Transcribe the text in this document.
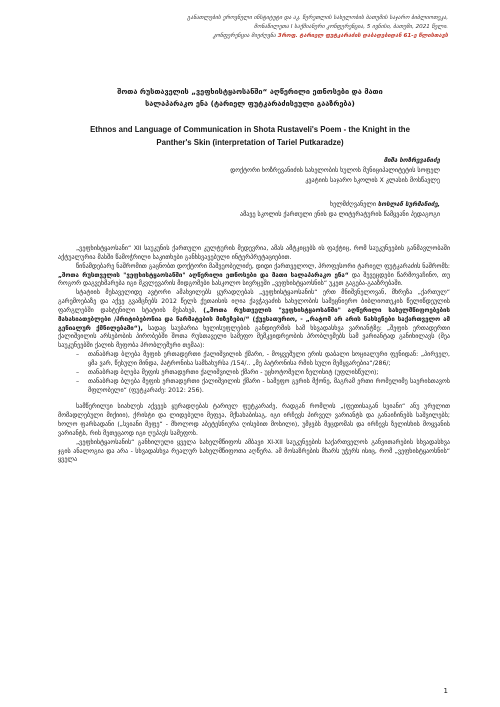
განათლების ეროვნული ინსტიტუტი და აკ. წერეთლის სახელობის ბათუმის საჯარო ბიბლიოთეკა,
მონაწილეთა I საქმიანური კონფერენცია, 5 ივნისი, ბათუმი, 2021 წელი.
კონფერენცია მიეძღვნა 3როფ. ტარიელ ფუტკარაძის დაბადებიდან 61-ე წლისთავს
შოთა რუსთაველის „ვეფხისტყაოსანში“ აღწერილი ეთნოსები და მათი
სალაპარაკო ენა (ტარიელ ფუტკარაძისეული გააზრება)
Ethnos and Language of Communication in Shota Rustaveli's Poem - the Knight in the
Panther's Skin (interpretation of Tariel Putkaradze)
მიშა ხოზრევანიძე
დოქტორი ხოზრევანიძის სახელობის ხულოს მუნიციპალიტეტის სოფელ
კვატიის საჯარო სკოლის X კლასის მოსწავლე
ხელმძღვანელი სოსლან სურმანიძე,
ამავე სკოლის ქართული ენის და ლიტერატურის წამყვანი პედაგოგი

„ვეფხისტყაოსანი“ XII საუკუნის ქართული კულტურის მედევრია, ამას ამტკიცებს ის ფაქტიც, რომ საუკუნეების განმავლობაში აქტუალურია მასში წამოჭრილი საკითხები განხსვავებული ინტერპრეტაციებით.

წინამდებარე ნაშრომით გაცნობთ დოქტორი მაშვეობელიძე, დიდი ქართველოლ, პროფესორი ტარიელ ფუტკარაძის ნაშრომს: „შოთა რუსთველის "ვეფხისტყაოსანში" აღწერილი ეთნოსები და მათი სალაპარაკო ენა“ და შევეცდები წარმოვაჩინო, თუ როგორ დაგვეხმარება იგი მკვლევარის მიდგომები სასკოლო სივრცეში „ვეფხისტყაოსნის“ უკეთ გაგება-გააზრებაში.

სტატიის მესაველიდე ავტორი ამახვილებს ყურადღებას „ვეფხისტყაოსანის“ ერთ მნიშვნელოვან, მხრეზა „ქართულ“ გარემოებაზე და აქვე გვამცნებს 2012 წელს ქუთაისის იღია ქავჭავაძის სახელობის სამეცნიერო ბიბლიოთეკის წელიწდეულის ფარგლებში დასტენილი სტატიის მესახებ, („შოთა რუსთველის "ვეფხისტყაოსანში" აღწერილი სახელმწიფოებების მახასიათებლები /პრიტიბებონია და წარმატების მიზეზები/“ (ქუესათურიო, - „რატომ არ არის ნახსენები საქართველო ამ გენიალურ ქმნილებაში“), სადაც საუბარია ხელისუფლების განდიერმის სამ ხსვადასხვა ვარიანტზე: „შეფის ერთადერთი ქალიშვილის არსებობის პირობებში შოთა რუსთაველი სამეფო მემკვიდრეობის პრობლემებს სამ ვარიანტად განიხილავს (შეა საუკუნეებში ქალის მეფობა პრობლემური თემაა):

– თანაბრად ბლება მეფის ერთადერთი ქალიშვილის ქმარი, - მოყვეშული ერის დაბალი სოციალური ფენიდან: „პირველ, ყმა ვარ, წესული მინდა, პატრონისა სამსახურსა /154/.. „მე პატრონისა რმის სული მემყვარებია“/286/;
– თანაბრად ბლება მეფის ერთადერთი ქალიშვილის ქმარი - უცხოტომელი ზელისიტ (უფლისწული);
– თანაბრად ბლება მეფის ერთადერთი ქალიშვილის ქმარი - სამეფო გვრის მქონე, მაგრამ ერთი რომელიმე საერისთავოს მფლობელი“ (ფუტკარაძე: 2012: 256).

სამწერილუი სიახლეს აქვეეს ყურადღებას ტარიელ ფუტკარაძე, რადგან რომლის „(ფეთისაგან სვიანი“ ანუ ურელით მომადლებული მიქიიი), ქრისტი და ლიდებული მეფეა, მქსახაბისაგ, იგი ირჩევს პირველ ვარიანტს და განაიჩინებს საშვილებს; ხოლო ფარსადანი („სვიანი მეფე“ - მხოლოდ აბეტესნიურა ღისებით მოსილი), უმჯვბს მეცდომას და ირჩევს ზელისხის მოყვანის ვარიანტს, რის მეთეცაოდ იგი ღუპავს სამეფოს.

„ვეფხისტყაოსანის“ განხილული ყველა სახელმწიფოს ამბავი XI-XII საუკუნეების საქართველოს განვითარების სხვადასხვა ჯგის ანალოგია და არა - სხვადასხვა რეალურ სახელმწიფოთა აღწერა. ამ მოსაზრების მხარს უჭერს ისიც, რომ „ვეფხისტყაოსნის“ ყველა

1
